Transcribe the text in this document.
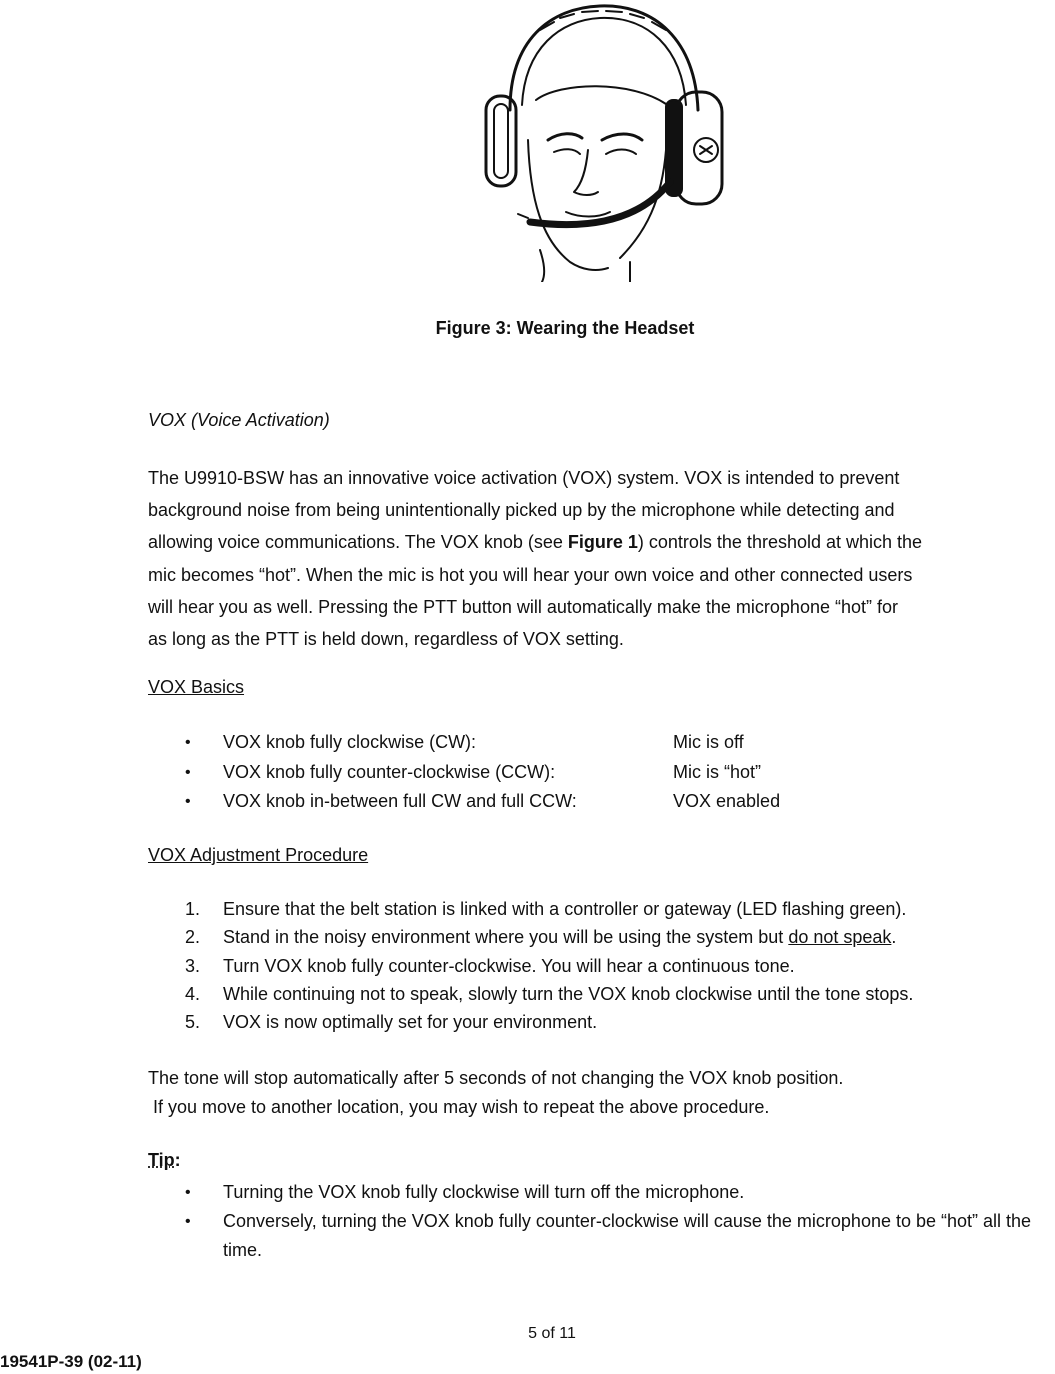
Figure 3: Wearing the Headset
VOX (Voice Activation)

The U9910-BSW has an innovative voice activation (VOX) system. VOX is intended to prevent

background noise from being unintentionally picked up by the microphone while detecting and

allowing voice communications. The VOX knob (see Figure 1) controls the threshold at which the

mic becomes “hot”. When the mic is hot you will hear your own voice and other connected users

will hear you as well. Pressing the PTT button will automatically make the microphone “hot” for

as long as the PTT is held down, regardless of VOX setting.

VOX Basics
• VOX knob fully clockwise (CW):	Mic is off
• VOX knob fully counter-clockwise (CCW):	Mic is “hot”
• VOX knob in-between full CW and full CCW:	VOX enabled
VOX Adjustment Procedure
1. Ensure that the belt station is linked with a controller or gateway (LED flashing green).
2. Stand in the noisy environment where you will be using the system but do not speak.
3. Turn VOX knob fully counter-clockwise. You will hear a continuous tone.
4. While continuing not to speak, slowly turn the VOX knob clockwise until the tone stops.
5. VOX is now optimally set for your environment.

The tone will stop automatically after 5 seconds of not changing the VOX knob position.

If you move to another location, you may wish to repeat the above procedure.

Tip:
• Turning the VOX knob fully clockwise will turn off the microphone.
• Conversely, turning the VOX knob fully counter-clockwise will cause the microphone to be “hot” all the time.
5 of 11
19541P-39 (02-11)
